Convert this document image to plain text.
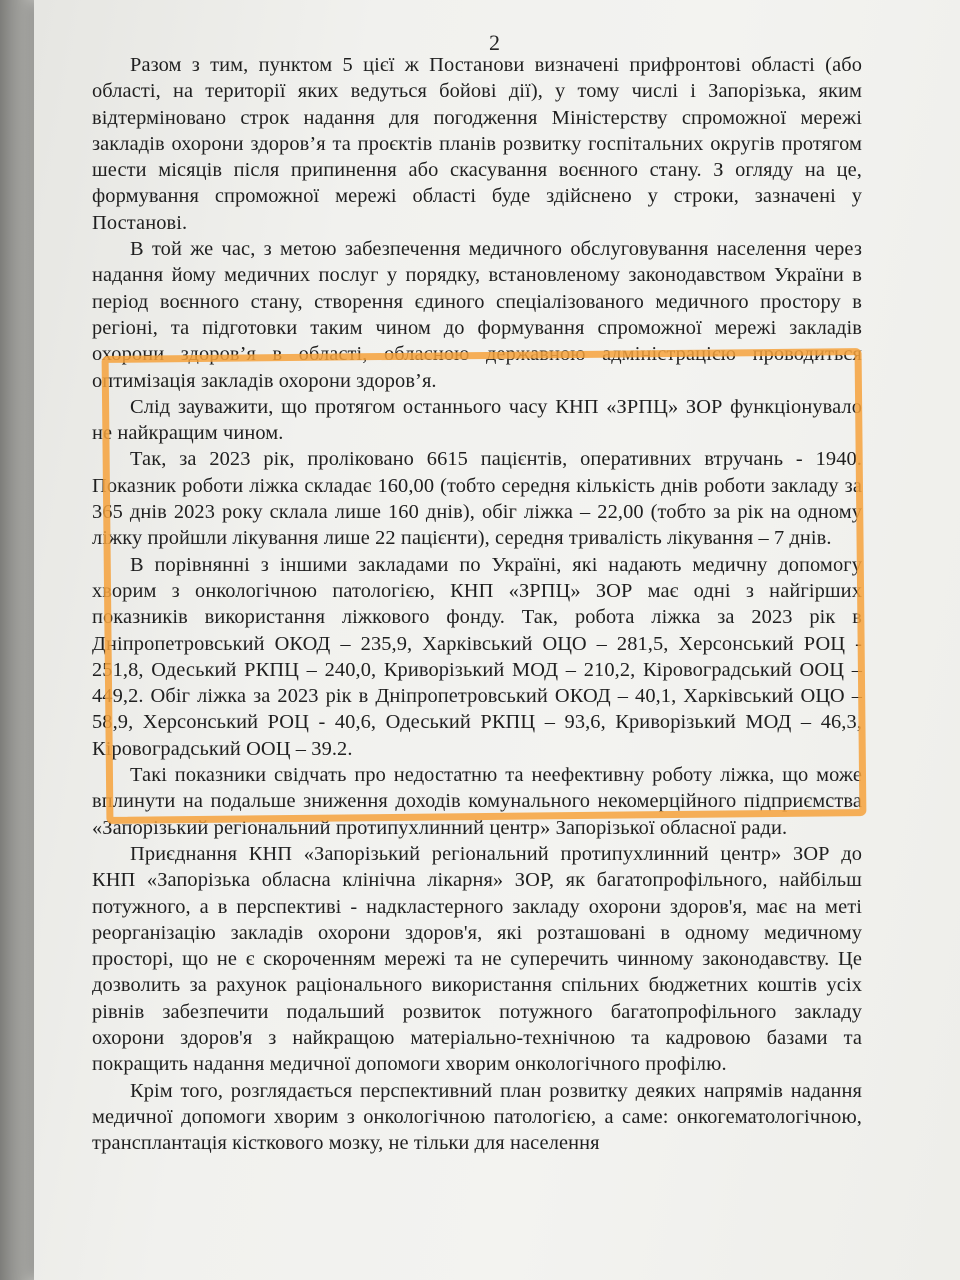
2

Разом з тим, пунктом 5 цієї ж Постанови визначені прифронтові області (або області, на території яких ведуться бойові дії), у тому числі і Запорізька, яким відтерміновано строк надання для погодження Міністерству спроможної мережі закладів охорони здоров’я та проєктів планів розвитку госпітальних округів протягом шести місяців після припинення або скасування воєнного стану. З огляду на це, формування спроможної мережі області буде здійснено у строки, зазначені у Постанові.

В той же час, з метою забезпечення медичного обслуговування населення через надання йому медичних послуг у порядку, встановленому законодавством України в період воєнного стану, створення єдиного спеціалізованого медичного простору в регіоні, та підготовки таким чином до формування спроможної мережі закладів охорони здоров’я в області, обласною державною адміністрацією проводиться оптимізація закладів охорони здоров’я.

Слід зауважити, що протягом останнього часу КНП «ЗРПЦ» ЗОР функціонувало не найкращим чином.

Так, за 2023 рік, проліковано 6615 пацієнтів, оперативних втручань - 1940. Показник роботи ліжка складає 160,00 (тобто середня кількість днів роботи закладу за 365 днів 2023 року склала лише 160 днів), обіг ліжка – 22,00 (тобто за рік на одному ліжку пройшли лікування лише 22 пацієнти), середня тривалість лікування – 7 днів.

В порівнянні з іншими закладами по Україні, які надають медичну допомогу хворим з онкологічною патологією, КНП «ЗРПЦ» ЗОР має одні з найгірших показників використання ліжкового фонду. Так, робота ліжка за 2023 рік в Дніпропетровський ОКОД – 235,9, Харківський ОЦО – 281,5, Херсонський РОЦ - 251,8, Одеський РКПЦ – 240,0, Криворізький МОД – 210,2, Кіровоградський ООЦ – 449,2. Обіг ліжка за 2023 рік в Дніпропетровський ОКОД – 40,1, Харківський ОЦО – 58,9, Херсонський РОЦ - 40,6, Одеський РКПЦ – 93,6, Криворізький МОД – 46,3, Кіровоградський ООЦ – 39.2.

Такі показники свідчать про недостатню та неефективну роботу ліжка, що може вплинути на подальше зниження доходів комунального некомерційного підприємства «Запорізький регіональний протипухлинний центр» Запорізької обласної ради.

Приєднання КНП «Запорізький регіональний протипухлинний центр» ЗОР до КНП «Запорізька обласна клінічна лікарня» ЗОР, як багатопрофільного, найбільш потужного, а в перспективі - надкластерного закладу охорони здоров'я, має на меті реорганізацію закладів охорони здоров'я, які розташовані в одному медичному просторі, що не є скороченням мережі та не суперечить чинному законодавству. Це дозволить за рахунок раціонального використання спільних бюджетних коштів усіх рівнів забезпечити подальший розвиток потужного багатопрофільного закладу охорони здоров'я з найкращою матеріально-технічною та кадровою базами та покращить надання медичної допомоги хворим онкологічного профілю.

Крім того, розглядається перспективний план розвитку деяких напрямів надання медичної допомоги хворим з онкологічною патологією, а саме: онкогематологічною, трансплантація кісткового мозку, не тільки для населення
